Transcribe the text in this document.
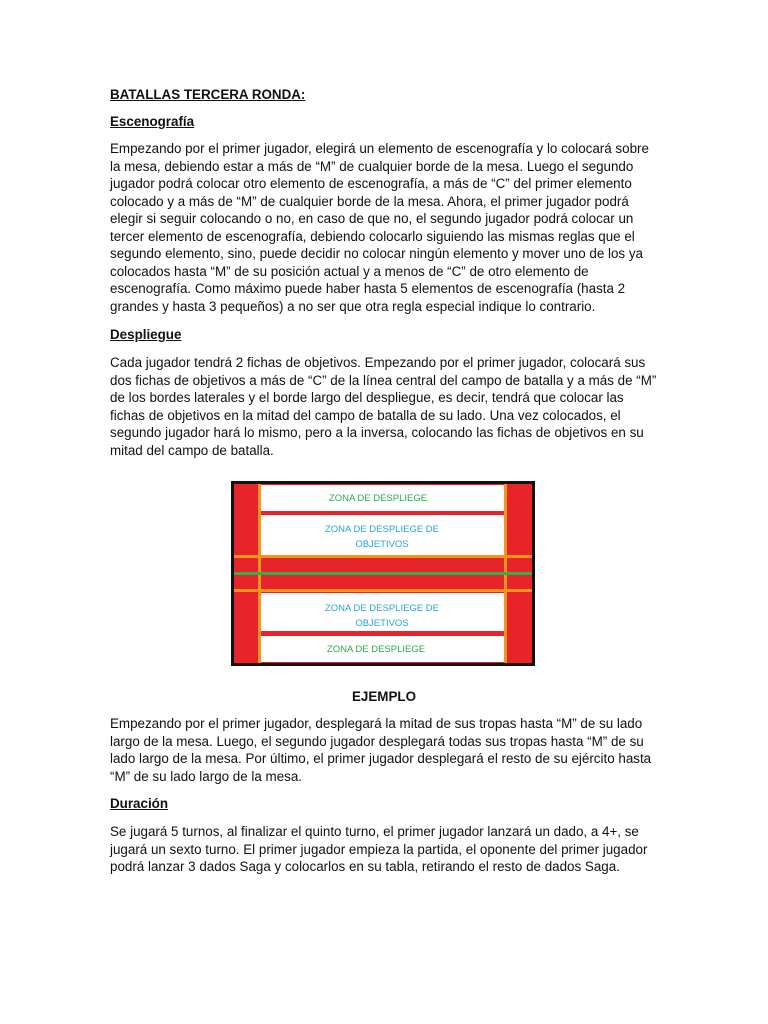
BATALLAS TERCERA RONDA:

Escenografía

Empezando por el primer jugador, elegirá un elemento de escenografía y lo colocará sobre la mesa, debiendo estar a más de “M” de cualquier borde de la mesa. Luego el segundo jugador podrá colocar otro elemento de escenografía, a más de “C” del primer elemento colocado y a más de “M” de cualquier borde de la mesa. Ahora, el primer jugador podrá elegir si seguir colocando o no, en caso de que no, el segundo jugador podrá colocar un tercer elemento de escenografía, debiendo colocarlo siguiendo las mismas reglas que el segundo elemento, sino, puede decidir no colocar ningún elemento y mover uno de los ya colocados hasta “M” de su posición actual y a menos de “C” de otro elemento de escenografía. Como máximo puede haber hasta 5 elementos de escenografía (hasta 2 grandes y hasta 3 pequeños) a no ser que otra regla especial indique lo contrario.

Despliegue

Cada jugador tendrá 2 fichas de objetivos. Empezando por el primer jugador, colocará sus dos fichas de objetivos a más de “C” de la línea central del campo de batalla y a más de “M” de los bordes laterales y el borde largo del despliegue, es decir, tendrá que colocar las fichas de objetivos en la mitad del campo de batalla de su lado. Una vez colocados, el segundo jugador hará lo mismo, pero a la inversa, colocando las fichas de objetivos en su mitad del campo de batalla.

ZONA DE DESPLIEGE
ZONA DE DESPLIEGE DE
OBJETIVOS
ZONA DE DESPLIEGE DE
OBJETIVOS
ZONA DE DESPLIEGE

EJEMPLO

Empezando por el primer jugador, desplegará la mitad de sus tropas hasta “M” de su lado largo de la mesa. Luego, el segundo jugador desplegará todas sus tropas hasta “M” de su lado largo de la mesa. Por último, el primer jugador desplegará el resto de su ejército hasta “M” de su lado largo de la mesa.

Duración

Se jugará 5 turnos, al finalizar el quinto turno, el primer jugador lanzará un dado, a 4+, se jugará un sexto turno. El primer jugador empieza la partida, el oponente del primer jugador podrá lanzar 3 dados Saga y colocarlos en su tabla, retirando el resto de dados Saga.
